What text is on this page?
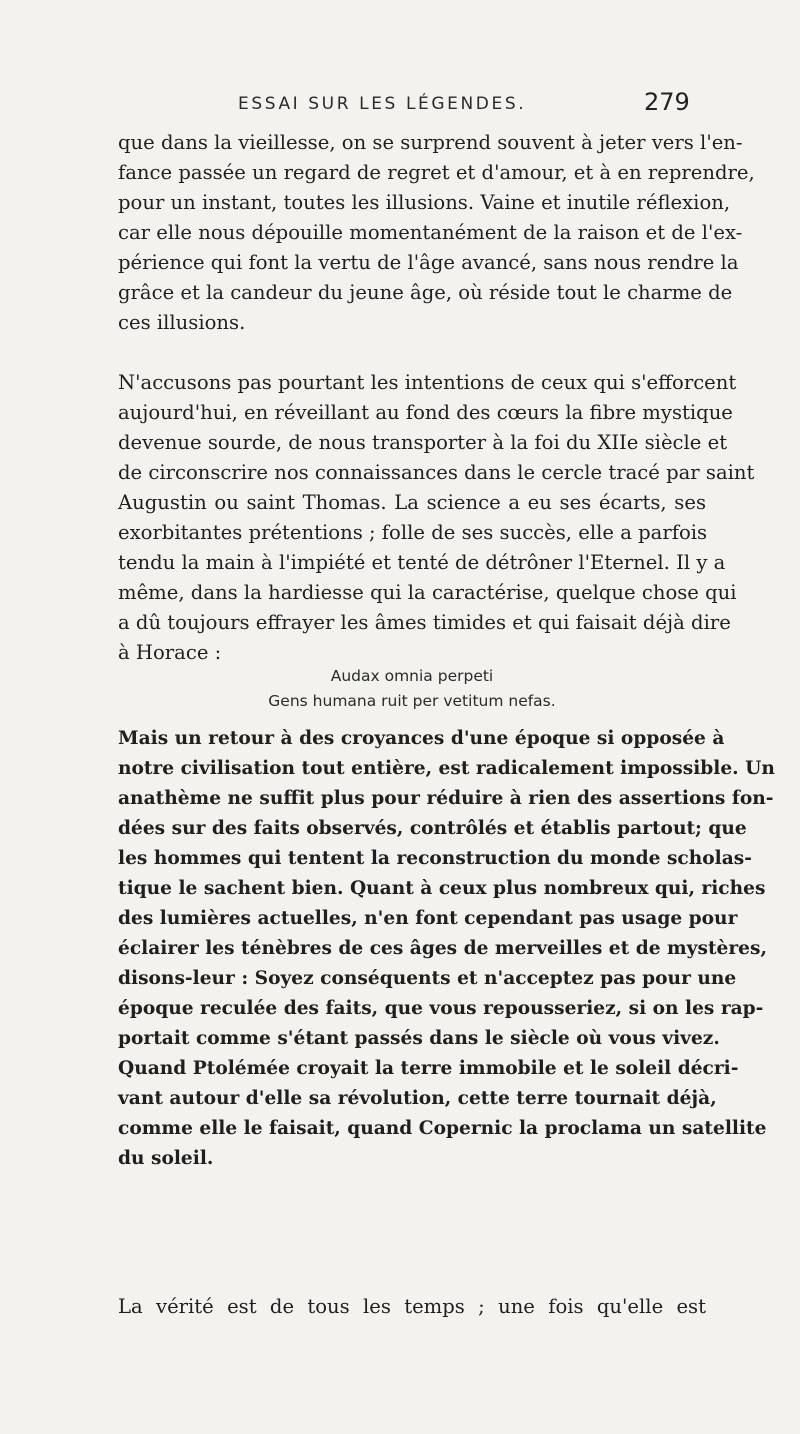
ESSAI SUR LES LÉGENDES.	279
que dans la vieillesse, on se surprend souvent à jeter vers l'en-
fance passée un regard de regret et d'amour, et à en reprendre,
pour un instant, toutes les illusions. Vaine et inutile réflexion,
car elle nous dépouille momentanément de la raison et de l'ex-
périence qui font la vertu de l'âge avancé, sans nous rendre la
grâce et la candeur du jeune âge, où réside tout le charme de
ces illusions.
N'accusons pas pourtant les intentions de ceux qui s'efforcent
aujourd'hui, en réveillant au fond des cœurs la fibre mystique
devenue sourde, de nous transporter à la foi du XIIe siècle et
de circonscrire nos connaissances dans le cercle tracé par saint
Augustin ou saint Thomas. La science a eu ses écarts, ses
exorbitantes prétentions ; folle de ses succès, elle a parfois
tendu la main à l'impiété et tenté de détrôner l'Eternel. Il y a
même, dans la hardiesse qui la caractérise, quelque chose qui
a dû toujours effrayer les âmes timides et qui faisait déjà dire
à Horace :
Audax omnia perpeti
Gens humana ruit per vetitum nefas.
Mais un retour à des croyances d'une époque si opposée à
notre civilisation tout entière, est radicalement impossible. Un
anathème ne suffit plus pour réduire à rien des assertions fon-
dées sur des faits observés, contrôlés et établis partout; que
les hommes qui tentent la reconstruction du monde scholas-
tique le sachent bien. Quant à ceux plus nombreux qui, riches
des lumières actuelles, n'en font cependant pas usage pour
éclairer les ténèbres de ces âges de merveilles et de mystères,
disons-leur : Soyez conséquents et n'acceptez pas pour une
époque reculée des faits, que vous repousseriez, si on les rap-
portait comme s'étant passés dans le siècle où vous vivez.
Quand Ptolémée croyait la terre immobile et le soleil décri-
vant autour d'elle sa révolution, cette terre tournait déjà,
comme elle le faisait, quand Copernic la proclama un satellite
du soleil.
La vérité est de tous les temps ; une fois qu'elle est
